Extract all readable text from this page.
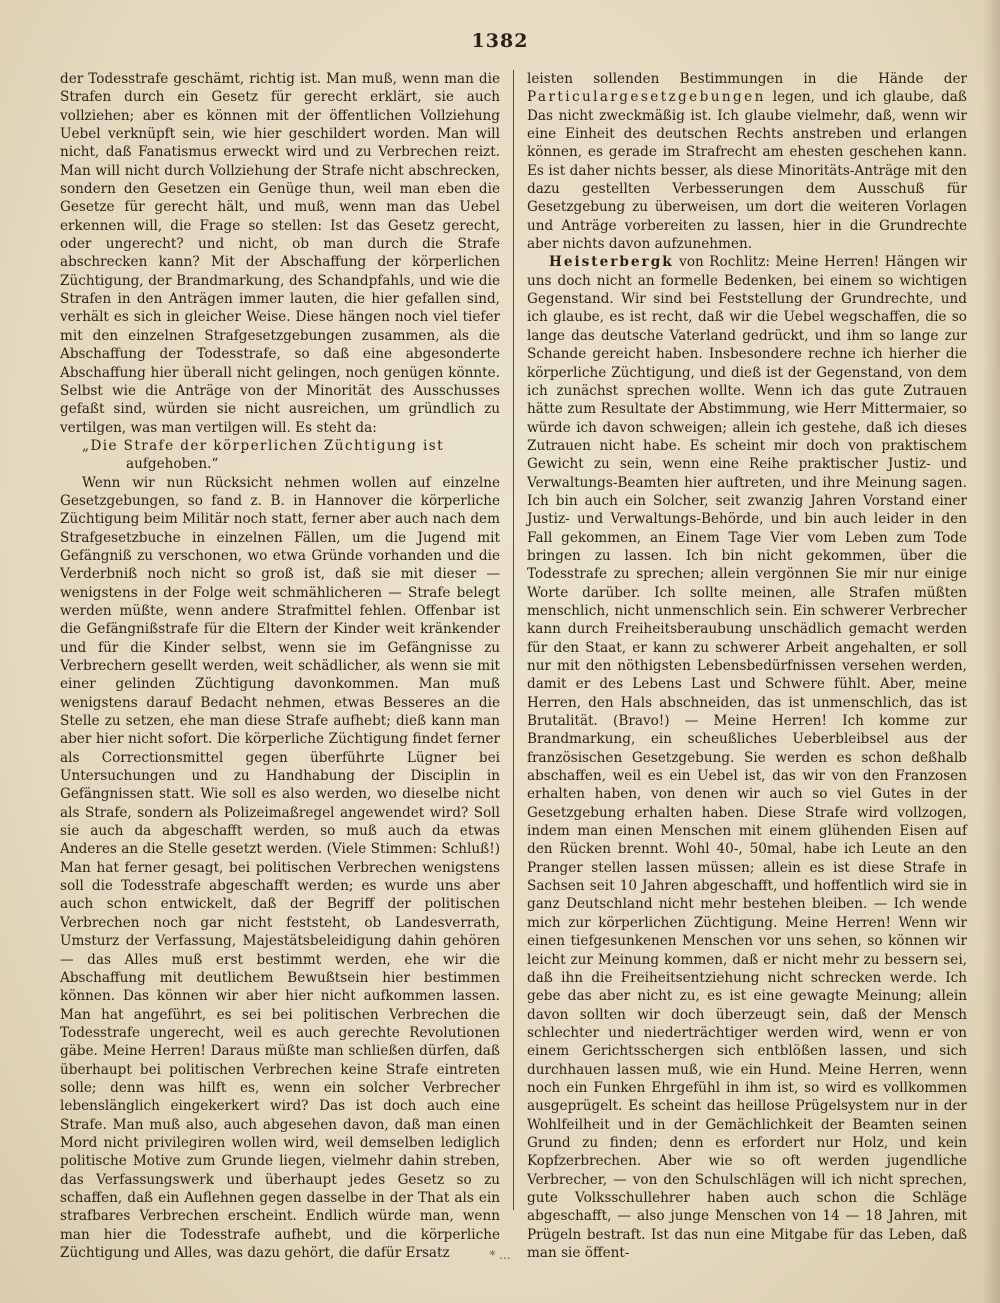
1382

der Todesstrafe geschämt, richtig ist. Man muß, wenn man die Strafen durch ein Gesetz für gerecht erklärt, sie auch vollziehen; aber es können mit der öffentlichen Vollziehung Uebel verknüpft sein, wie hier geschildert worden. Man will nicht, daß Fanatismus erweckt wird und zu Verbrechen reizt. Man will nicht durch Vollziehung der Strafe nicht abschrecken, sondern den Gesetzen ein Genüge thun, weil man eben die Gesetze für gerecht hält, und muß, wenn man das Uebel erkennen will, die Frage so stellen: Ist das Gesetz gerecht, oder ungerecht? und nicht, ob man durch die Strafe abschrecken kann? Mit der Abschaffung der körperlichen Züchtigung, der Brandmarkung, des Schandpfahls, und wie die Strafen in den Anträgen immer lauten, die hier gefallen sind, verhält es sich in gleicher Weise. Diese hängen noch viel tiefer mit den einzelnen Strafgesetzgebungen zusammen, als die Abschaffung der Todesstrafe, so daß eine abgesonderte Abschaffung hier überall nicht gelingen, noch genügen könnte. Selbst wie die Anträge von der Minorität des Ausschusses gefaßt sind, würden sie nicht ausreichen, um gründlich zu vertilgen, was man vertilgen will. Es steht da:

„Die Strafe der körperlichen Züchtigung ist

aufgehoben.“

Wenn wir nun Rücksicht nehmen wollen auf einzelne Gesetzgebungen, so fand z. B. in Hannover die körperliche Züchtigung beim Militär noch statt, ferner aber auch nach dem Strafgesetzbuche in einzelnen Fällen, um die Jugend mit Gefängniß zu verschonen, wo etwa Gründe vorhanden und die Verderbniß noch nicht so groß ist, daß sie mit dieser — wenigstens in der Folge weit schmählicheren — Strafe belegt werden müßte, wenn andere Strafmittel fehlen. Offenbar ist die Gefängnißstrafe für die Eltern der Kinder weit kränkender und für die Kinder selbst, wenn sie im Gefängnisse zu Verbrechern gesellt werden, weit schädlicher, als wenn sie mit einer gelinden Züchtigung davonkommen. Man muß wenigstens darauf Bedacht nehmen, etwas Besseres an die Stelle zu setzen, ehe man diese Strafe aufhebt; dieß kann man aber hier nicht sofort. Die körperliche Züchtigung findet ferner als Correctionsmittel gegen überführte Lügner bei Untersuchungen und zu Handhabung der Disciplin in Gefängnissen statt. Wie soll es also werden, wo dieselbe nicht als Strafe, sondern als Polizeimaßregel angewendet wird? Soll sie auch da abgeschafft werden, so muß auch da etwas Anderes an die Stelle gesetzt werden. (Viele Stimmen: Schluß!) Man hat ferner gesagt, bei politischen Verbrechen wenigstens soll die Todesstrafe abgeschafft werden; es wurde uns aber auch schon entwickelt, daß der Begriff der politischen Verbrechen noch gar nicht feststeht, ob Landesverrath, Umsturz der Verfassung, Majestätsbeleidigung dahin gehören — das Alles muß erst bestimmt werden, ehe wir die Abschaffung mit deutlichem Bewußtsein hier bestimmen können. Das können wir aber hier nicht aufkommen lassen. Man hat angeführt, es sei bei politischen Verbrechen die Todesstrafe ungerecht, weil es auch gerechte Revolutionen gäbe. Meine Herren! Daraus müßte man schließen dürfen, daß überhaupt bei politischen Verbrechen keine Strafe eintreten solle; denn was hilft es, wenn ein solcher Verbrecher lebenslänglich eingekerkert wird? Das ist doch auch eine Strafe. Man muß also, auch abgesehen davon, daß man einen Mord nicht privilegiren wollen wird, weil demselben lediglich politische Motive zum Grunde liegen, vielmehr dahin streben, das Verfassungswerk und überhaupt jedes Gesetz so zu schaffen, daß ein Auflehnen gegen dasselbe in der That als ein strafbares Verbrechen erscheint. Endlich würde man, wenn man hier die Todesstrafe aufhebt, und die körperliche Züchtigung und Alles, was dazu gehört, die dafür Ersatz

leisten sollenden Bestimmungen in die Hände der Particulargesetzgebungen legen, und ich glaube, daß Das nicht zweckmäßig ist. Ich glaube vielmehr, daß, wenn wir eine Einheit des deutschen Rechts anstreben und erlangen können, es gerade im Strafrecht am ehesten geschehen kann. Es ist daher nichts besser, als diese Minoritäts-Anträge mit den dazu gestellten Verbesserungen dem Ausschuß für Gesetzgebung zu überweisen, um dort die weiteren Vorlagen und Anträge vorbereiten zu lassen, hier in die Grundrechte aber nichts davon aufzunehmen.

Heisterbergk von Rochlitz: Meine Herren! Hängen wir uns doch nicht an formelle Bedenken, bei einem so wichtigen Gegenstand. Wir sind bei Feststellung der Grundrechte, und ich glaube, es ist recht, daß wir die Uebel wegschaffen, die so lange das deutsche Vaterland gedrückt, und ihm so lange zur Schande gereicht haben. Insbesondere rechne ich hierher die körperliche Züchtigung, und dieß ist der Gegenstand, von dem ich zunächst sprechen wollte. Wenn ich das gute Zutrauen hätte zum Resultate der Abstimmung, wie Herr Mittermaier, so würde ich davon schweigen; allein ich gestehe, daß ich dieses Zutrauen nicht habe. Es scheint mir doch von praktischem Gewicht zu sein, wenn eine Reihe praktischer Justiz- und Verwaltungs-Beamten hier auftreten, und ihre Meinung sagen. Ich bin auch ein Solcher, seit zwanzig Jahren Vorstand einer Justiz- und Verwaltungs-Behörde, und bin auch leider in den Fall gekommen, an Einem Tage Vier vom Leben zum Tode bringen zu lassen. Ich bin nicht gekommen, über die Todesstrafe zu sprechen; allein vergönnen Sie mir nur einige Worte darüber. Ich sollte meinen, alle Strafen müßten menschlich, nicht unmenschlich sein. Ein schwerer Verbrecher kann durch Freiheitsberaubung unschädlich gemacht werden für den Staat, er kann zu schwerer Arbeit angehalten, er soll nur mit den nöthigsten Lebensbedürfnissen versehen werden, damit er des Lebens Last und Schwere fühlt. Aber, meine Herren, den Hals abschneiden, das ist unmenschlich, das ist Brutalität. (Bravo!) — Meine Herren! Ich komme zur Brandmarkung, ein scheußliches Ueberbleibsel aus der französischen Gesetzgebung. Sie werden es schon deßhalb abschaffen, weil es ein Uebel ist, das wir von den Franzosen erhalten haben, von denen wir auch so viel Gutes in der Gesetzgebung erhalten haben. Diese Strafe wird vollzogen, indem man einen Menschen mit einem glühenden Eisen auf den Rücken brennt. Wohl 40-, 50mal, habe ich Leute an den Pranger stellen lassen müssen; allein es ist diese Strafe in Sachsen seit 10 Jahren abgeschafft, und hoffentlich wird sie in ganz Deutschland nicht mehr bestehen bleiben. — Ich wende mich zur körperlichen Züchtigung. Meine Herren! Wenn wir einen tiefgesunkenen Menschen vor uns sehen, so können wir leicht zur Meinung kommen, daß er nicht mehr zu bessern sei, daß ihn die Freiheitsentziehung nicht schrecken werde. Ich gebe das aber nicht zu, es ist eine gewagte Meinung; allein davon sollten wir doch überzeugt sein, daß der Mensch schlechter und niederträchtiger werden wird, wenn er von einem Gerichtsschergen sich entblößen lassen, und sich durchhauen lassen muß, wie ein Hund. Meine Herren, wenn noch ein Funken Ehrgefühl in ihm ist, so wird es vollkommen ausgeprügelt. Es scheint das heillose Prügelsystem nur in der Wohlfeilheit und in der Gemächlichkeit der Beamten seinen Grund zu finden; denn es erfordert nur Holz, und kein Kopfzerbrechen. Aber wie so oft werden jugendliche Verbrecher, — von den Schulschlägen will ich nicht sprechen, gute Volksschullehrer haben auch schon die Schläge abgeschafft, — also junge Menschen von 14 — 18 Jahren, mit Prügeln bestraft. Ist das nun eine Mitgabe für das Leben, daß man sie öffent-

* ...
